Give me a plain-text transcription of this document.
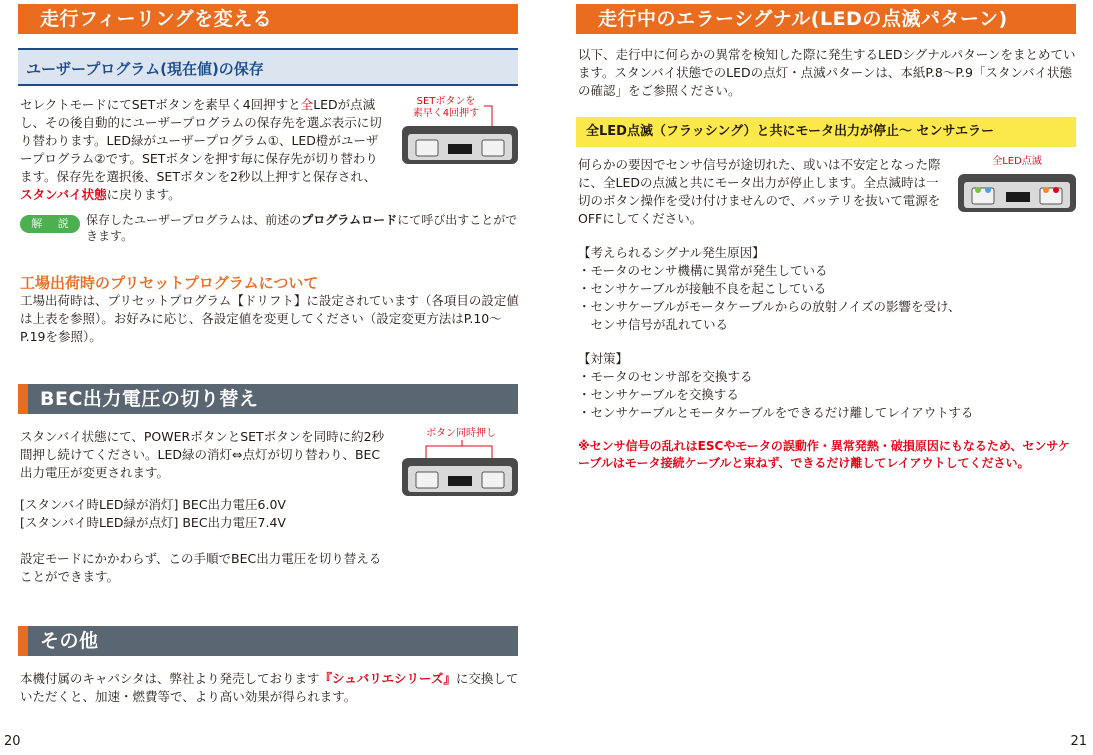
走行フィーリングを変える
ユーザープログラム(現在値)の保存
セレクトモードにてSETボタンを素早く4回押すと全LEDが点滅し、その後自動的にユーザープログラムの保存先を選ぶ表示に切り替わります。LED緑がユーザープログラム①、LED橙がユーザープログラム②です。SETボタンを押す毎に保存先が切り替わります。保存先を選択後、SETボタンを2秒以上押すと保存され、スタンバイ状態に戻ります。
SETボタンを
素早く4回押す
解 説 保存したユーザープログラムは、前述のプログラムロードにて呼び出すことができます。
工場出荷時のプリセットプログラムについて
工場出荷時は、プリセットプログラム【ドリフト】に設定されています（各項目の設定値は上表を参照）。お好みに応じ、各設定値を変更してください（設定変更方法はP.10〜P.19を参照）。
BEC出力電圧の切り替え
スタンバイ状態にて、POWERボタンとSETボタンを同時に約2秒間押し続けてください。LED緑の消灯⇔点灯が切り替わり、BEC出力電圧が変更されます。
[スタンバイ時LED緑が消灯] BEC出力電圧6.0V
[スタンバイ時LED緑が点灯] BEC出力電圧7.4V
設定モードにかかわらず、この手順でBEC出力電圧を切り替えることができます。
ボタン同時押し
その他
本機付属のキャパシタは、弊社より発売しております『シュバリエシリーズ』に交換していただくと、加速・燃費等で、より高い効果が得られます。
20
走行中のエラーシグナル(LEDの点滅パターン)
以下、走行中に何らかの異常を検知した際に発生するLEDシグナルパターンをまとめています。スタンバイ状態でのLEDの点灯・点滅パターンは、本紙P.8〜P.9「スタンバイ状態の確認」をご参照ください。
全LED点滅（フラッシング）と共にモータ出力が停止〜 センサエラー
何らかの要因でセンサ信号が途切れた、或いは不安定となった際に、全LEDの点滅と共にモータ出力が停止します。全点滅時は一切のボタン操作を受け付けませんので、バッテリを抜いて電源をOFFにしてください。
全LED点滅
【考えられるシグナル発生原因】
・モータのセンサ機構に異常が発生している
・センサケーブルが接触不良を起こしている
・センサケーブルがモータケーブルからの放射ノイズの影響を受け、
　センサ信号が乱れている
【対策】
・モータのセンサ部を交換する
・センサケーブルを交換する
・センサケーブルとモータケーブルをできるだけ離してレイアウトする
※センサ信号の乱れはESCやモータの誤動作・異常発熱・破損原因にもなるため、センサケーブルはモータ接続ケーブルと束ねず、できるだけ離してレイアウトしてください。
21
